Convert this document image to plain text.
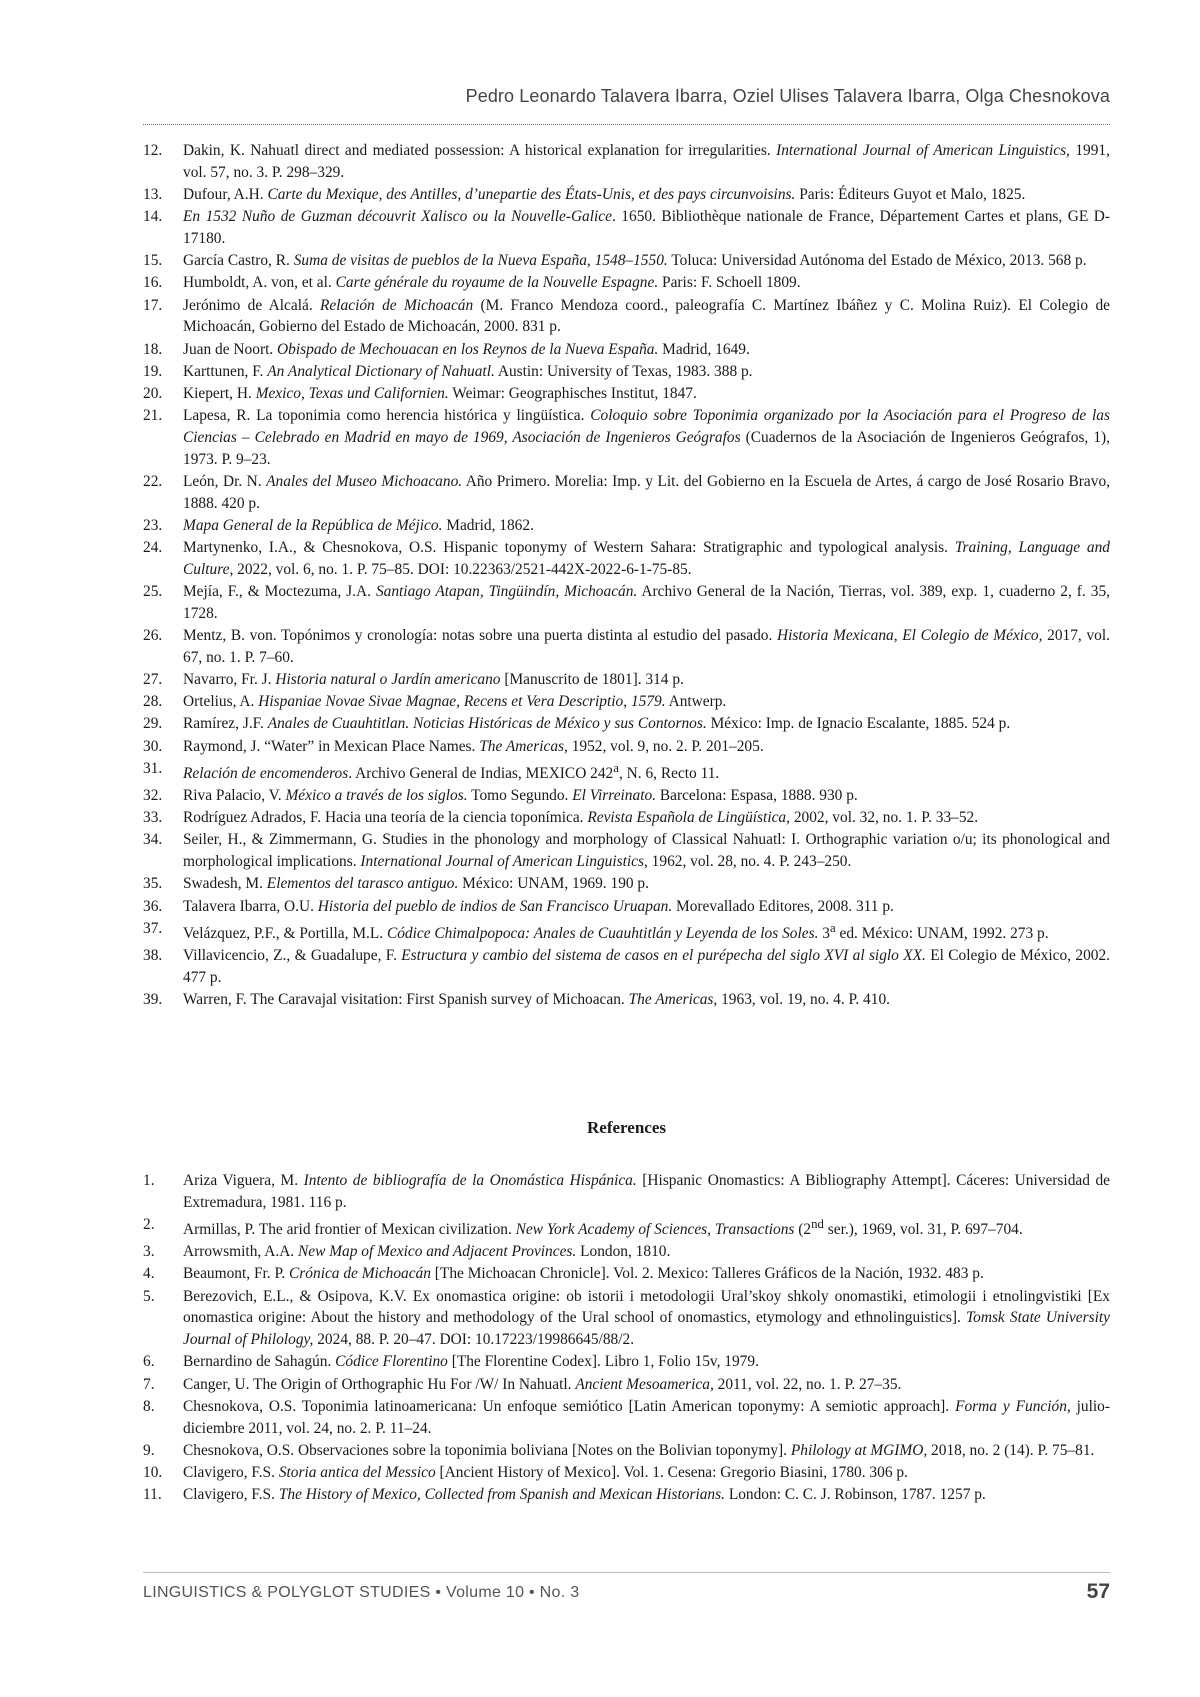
Pedro Leonardo Talavera Ibarra, Oziel Ulises Talavera Ibarra, Olga Chesnokova
12.	Dakin, K. Nahuatl direct and mediated possession: A historical explanation for irregularities. International Journal of American Linguistics, 1991, vol. 57, no. 3. P. 298–329.
13.	Dufour, A.H. Carte du Mexique, des Antilles, d’unepartie des États-Unis, et des pays circunvoisins. Paris: Éditeurs Guyot et Malo, 1825.
14.	En 1532 Nuño de Guzman découvrit Xalisco ou la Nouvelle-Galice. 1650. Bibliothèque nationale de France, Département Cartes et plans, GE D-17180.
15.	García Castro, R. Suma de visitas de pueblos de la Nueva España, 1548–1550. Toluca: Universidad Autónoma del Estado de México, 2013. 568 p.
16.	Humboldt, A. von, et al. Carte générale du royaume de la Nouvelle Espagne. Paris: F. Schoell 1809.
17.	Jerónimo de Alcalá. Relación de Michoacán (M. Franco Mendoza coord., paleografía C. Martínez Ibáñez y C. Molina Ruiz). El Colegio de Michoacán, Gobierno del Estado de Michoacán, 2000. 831 p.
18.	Juan de Noort. Obispado de Mechouacan en los Reynos de la Nueva España. Madrid, 1649.
19.	Karttunen, F. An Analytical Dictionary of Nahuatl. Austin: University of Texas, 1983. 388 p.
20.	Kiepert, H. Mexico, Texas und Californien. Weimar: Geographisches Institut, 1847.
21.	Lapesa, R. La toponimia como herencia histórica y lingüística. Coloquio sobre Toponimia organizado por la Asociación para el Progreso de las Ciencias – Celebrado en Madrid en mayo de 1969, Asociación de Ingenieros Geógrafos (Cuadernos de la Asociación de Ingenieros Geógrafos, 1), 1973. P. 9–23.
22.	León, Dr. N. Anales del Museo Michoacano. Año Primero. Morelia: Imp. y Lit. del Gobierno en la Escuela de Artes, á cargo de José Rosario Bravo, 1888. 420 p.
23.	Mapa General de la República de Méjico. Madrid, 1862.
24.	Martynenko, I.A., & Chesnokova, O.S. Hispanic toponymy of Western Sahara: Stratigraphic and typological analysis. Training, Language and Culture, 2022, vol. 6, no. 1. P. 75–85. DOI: 10.22363/2521-442X-2022-6-1-75-85.
25.	Mejía, F., & Moctezuma, J.A. Santiago Atapan, Tingüindín, Michoacán. Archivo General de la Nación, Tierras, vol. 389, exp. 1, cuaderno 2, f. 35, 1728.
26.	Mentz, B. von. Topónimos y cronología: notas sobre una puerta distinta al estudio del pasado. Historia Mexicana, El Colegio de México, 2017, vol. 67, no. 1. P. 7–60.
27.	Navarro, Fr. J. Historia natural o Jardín americano [Manuscrito de 1801]. 314 p.
28.	Ortelius, A. Hispaniae Novae Sivae Magnae, Recens et Vera Descriptio, 1579. Antwerp.
29.	Ramírez, J.F. Anales de Cuauhtitlan. Noticias Históricas de México y sus Contornos. México: Imp. de Ignacio Escalante, 1885. 524 p.
30.	Raymond, J. “Water” in Mexican Place Names. The Americas, 1952, vol. 9, no. 2. P. 201–205.
31.	Relación de encomenderos. Archivo General de Indias, MEXICO 242$^a$, N. 6, Recto 11.
32.	Riva Palacio, V. México a través de los siglos. Tomo Segundo. El Virreinato. Barcelona: Espasa, 1888. 930 p.
33.	Rodríguez Adrados, F. Hacia una teoría de la ciencia toponímica. Revista Española de Lingüística, 2002, vol. 32, no. 1. P. 33–52.
34.	Seiler, H., & Zimmermann, G. Studies in the phonology and morphology of Classical Nahuatl: I. Orthographic variation o/u; its phonological and morphological implications. International Journal of American Linguistics, 1962, vol. 28, no. 4. P. 243–250.
35.	Swadesh, M. Elementos del tarasco antiguo. México: UNAM, 1969. 190 p.
36.	Talavera Ibarra, O.U. Historia del pueblo de indios de San Francisco Uruapan. Morevallado Editores, 2008. 311 p.
37.	Velázquez, P.F., & Portilla, M.L. Códice Chimalpopoca: Anales de Cuauhtitlán y Leyenda de los Soles. 3$^a$ ed. México: UNAM, 1992. 273 p.
38.	Villavicencio, Z., & Guadalupe, F. Estructura y cambio del sistema de casos en el purépecha del siglo XVI al siglo XX. El Colegio de México, 2002. 477 p.
39.	Warren, F. The Caravajal visitation: First Spanish survey of Michoacan. The Americas, 1963, vol. 19, no. 4. P. 410.
References
1.	Ariza Viguera, M. Intento de bibliografía de la Onomástica Hispánica. [Hispanic Onomastics: A Bibliography Attempt]. Cáceres: Universidad de Extremadura, 1981. 116 p.
2.	Armillas, P. The arid frontier of Mexican civilization. New York Academy of Sciences, Transactions (2nd ser.), 1969, vol. 31, P. 697–704.
3.	Arrowsmith, A.A. New Map of Mexico and Adjacent Provinces. London, 1810.
4.	Beaumont, Fr. P. Crónica de Michoacán [The Michoacan Chronicle]. Vol. 2. Mexico: Talleres Gráficos de la Nación, 1932. 483 p.
5.	Berezovich, E.L., & Osipova, K.V. Ex onomastica origine: ob istorii i metodologii Ural’skoy shkoly onomastiki, etimologii i etnolingvistiki [Ex onomastica origine: About the history and methodology of the Ural school of onomastics, etymology and ethnolinguistics]. Tomsk State University Journal of Philology, 2024, 88. P. 20–47. DOI: 10.17223/19986645/88/2.
6.	Bernardino de Sahagún. Códice Florentino [The Florentine Codex]. Libro 1, Folio 15v, 1979.
7.	Canger, U. The Origin of Orthographic Hu For /W/ In Nahuatl. Ancient Mesoamerica, 2011, vol. 22, no. 1. P. 27–35.
8.	Chesnokova, O.S. Toponimia latinoamericana: Un enfoque semiótico [Latin American toponymy: A semiotic approach]. Forma y Función, julio-diciembre 2011, vol. 24, no. 2. P. 11–24.
9.	Chesnokova, O.S. Observaciones sobre la toponimia boliviana [Notes on the Bolivian toponymy]. Philology at MGIMO, 2018, no. 2 (14). P. 75–81.
10.	Clavigero, F.S. Storia antica del Messico [Ancient History of Mexico]. Vol. 1. Cesena: Gregorio Biasini, 1780. 306 p.
11.	Clavigero, F.S. The History of Mexico, Collected from Spanish and Mexican Historians. London: C. C. J. Robinson, 1787. 1257 p.
LINGUISTICS & POLYGLOT STUDIES • Volume 10 • No. 3	57
